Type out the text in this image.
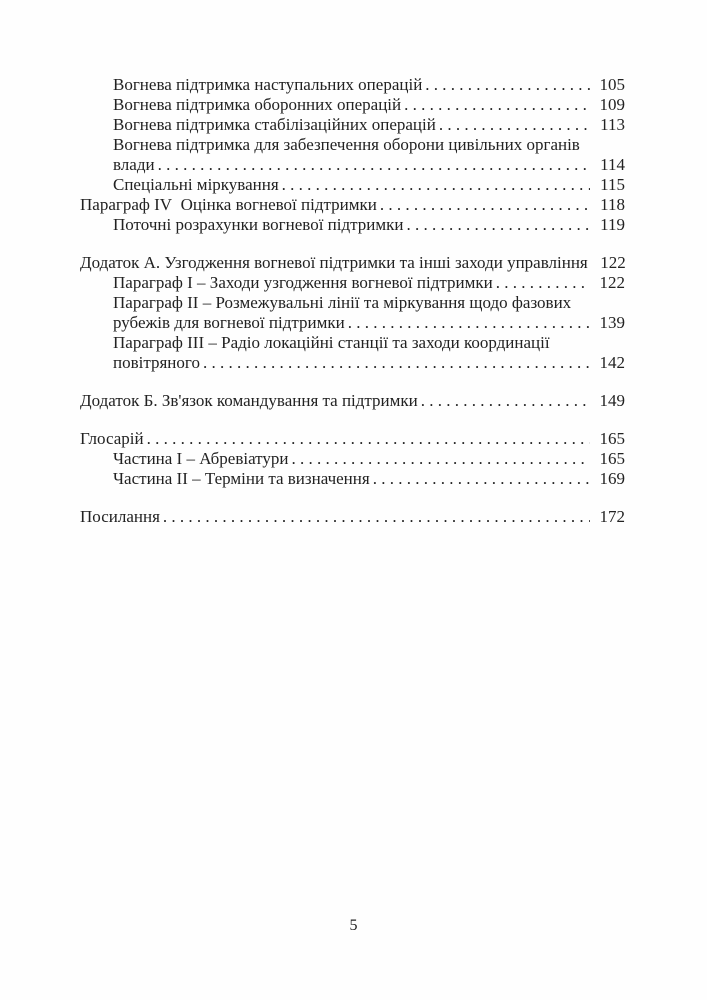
Вогнева підтримка наступальних операцій . . .	105
Вогнева підтримка оборонних операцій . . .	109
Вогнева підтримка стабілізаційних операцій . . .	113
Вогнева підтримка для забезпечення оборони цивільних органів
влади . . .	114
Спеціальні міркування . . .	115
Параграф IV  Оцінка вогневої підтримки . . .	118
Поточні розрахунки вогневої підтримки . . .	119
Додаток А. Узгодження вогневої підтримки та інші заходи управління 122
Параграф I – Заходи узгодження вогневої підтримки . . .	122
Параграф II – Розмежувальні лінії та міркування щодо фазових
рубежів для вогневої підтримки . . .	139
Параграф III – Радіо локаційні станції та заходи координації
повітряного . . .	142
Додаток Б. Зв'язок командування та підтримки . . .	149
Глосарій . . .	165
Частина I – Абревіатури . . .	165
Частина II – Терміни та визначення . . .	169
Посилання . . .	172
5
